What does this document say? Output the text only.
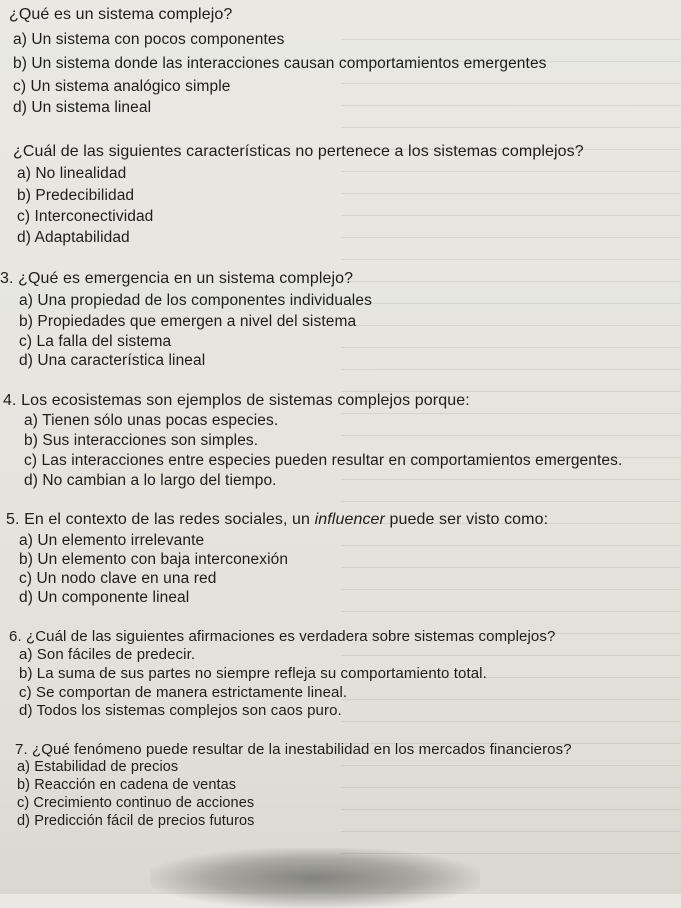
¿Qué es un sistema complejo?
a) Un sistema con pocos componentes
b) Un sistema donde las interacciones causan comportamientos emergentes
c) Un sistema analógico simple
d) Un sistema lineal
¿Cuál de las siguientes características no pertenece a los sistemas complejos?
a) No linealidad
b) Predecibilidad
c) Interconectividad
d) Adaptabilidad
3. ¿Qué es emergencia en un sistema complejo?
a) Una propiedad de los componentes individuales
b) Propiedades que emergen a nivel del sistema
c) La falla del sistema
d) Una característica lineal
4. Los ecosistemas son ejemplos de sistemas complejos porque:
a) Tienen sólo unas pocas especies.
b) Sus interacciones son simples.
c) Las interacciones entre especies pueden resultar en comportamientos emergentes.
d) No cambian a lo largo del tiempo.
5. En el contexto de las redes sociales, un influencer puede ser visto como:
a) Un elemento irrelevante
b) Un elemento con baja interconexión
c) Un nodo clave en una red
d) Un componente lineal
6. ¿Cuál de las siguientes afirmaciones es verdadera sobre sistemas complejos?
a) Son fáciles de predecir.
b) La suma de sus partes no siempre refleja su comportamiento total.
c) Se comportan de manera estrictamente lineal.
d) Todos los sistemas complejos son caos puro.
7. ¿Qué fenómeno puede resultar de la inestabilidad en los mercados financieros?
a) Estabilidad de precios
b) Reacción en cadena de ventas
c) Crecimiento continuo de acciones
d) Predicción fácil de precios futuros
